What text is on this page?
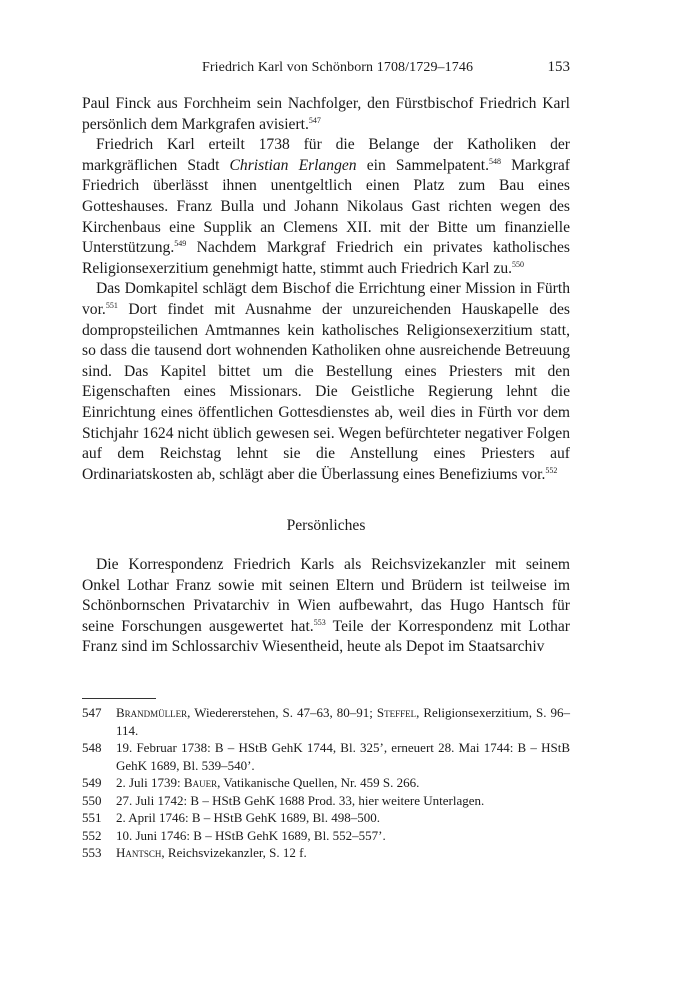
Friedrich Karl von Schönborn 1708/1729–1746	153

Paul Finck aus Forchheim sein Nachfolger, den Fürstbischof Friedrich Karl persönlich dem Markgrafen avisiert.$^{547}$

Friedrich Karl erteilt 1738 für die Belange der Katholiken der markgräflichen Stadt Christian Erlangen ein Sammelpatent.$^{548}$ Markgraf Friedrich überlässt ihnen unentgeltlich einen Platz zum Bau eines Gotteshauses. Franz Bulla und Johann Nikolaus Gast richten wegen des Kirchenbaus eine Supplik an Clemens XII. mit der Bitte um finanzielle Unterstützung.$^{549}$ Nachdem Markgraf Friedrich ein privates katholisches Religionsexerzitium genehmigt hatte, stimmt auch Friedrich Karl zu.$^{550}$

Das Domkapitel schlägt dem Bischof die Errichtung einer Mission in Fürth vor.$^{551}$ Dort findet mit Ausnahme der unzureichenden Hauskapelle des dompropsteilichen Amtmannes kein katholisches Religionsexerzitium statt, so dass die tausend dort wohnenden Katholiken ohne ausreichende Betreuung sind. Das Kapitel bittet um die Bestellung eines Priesters mit den Eigenschaften eines Missionars. Die Geistliche Regierung lehnt die Einrichtung eines öffentlichen Gottesdienstes ab, weil dies in Fürth vor dem Stichjahr 1624 nicht üblich gewesen sei. Wegen befürchteter negativer Folgen auf dem Reichstag lehnt sie die Anstellung eines Priesters auf Ordinariatskosten ab, schlägt aber die Überlassung eines Benefiziums vor.$^{552}$

Persönliches

Die Korrespondenz Friedrich Karls als Reichsvizekanzler mit seinem Onkel Lothar Franz sowie mit seinen Eltern und Brüdern ist teilweise im Schönbornschen Privatarchiv in Wien aufbewahrt, das Hugo Hantsch für seine Forschungen ausgewertet hat.$^{553}$ Teile der Korrespondenz mit Lothar Franz sind im Schlossarchiv Wiesentheid, heute als Depot im Staatsarchiv

547 Brandmüller, Wiedererstehen, S. 47–63, 80–91; Steffel, Religionsexerzitium, S. 96–114.
548 19. Februar 1738: B – HStB GehK 1744, Bl. 325’, erneuert 28. Mai 1744: B – HStB GehK 1689, Bl. 539–540’.
549 2. Juli 1739: Bauer, Vatikanische Quellen, Nr. 459 S. 266.
550 27. Juli 1742: B – HStB GehK 1688 Prod. 33, hier weitere Unterlagen.
551 2. April 1746: B – HStB GehK 1689, Bl. 498–500.
552 10. Juni 1746: B – HStB GehK 1689, Bl. 552–557’.
553 Hantsch, Reichsvizekanzler, S. 12 f.
